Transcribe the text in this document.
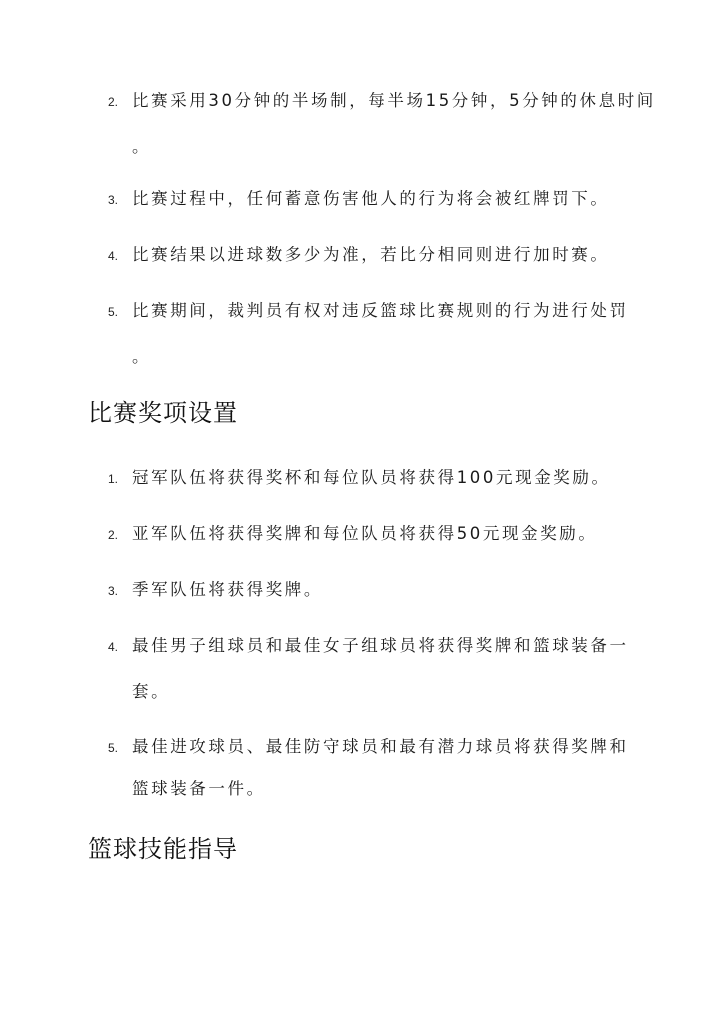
2. 比赛采用30分钟的半场制，每半场15分钟，5分钟的休息时间
。
3. 比赛过程中，任何蓄意伤害他人的行为将会被红牌罚下。
4. 比赛结果以进球数多少为准，若比分相同则进行加时赛。
5. 比赛期间，裁判员有权对违反篮球比赛规则的行为进行处罚
。
比赛奖项设置
1. 冠军队伍将获得奖杯和每位队员将获得100元现金奖励。
2. 亚军队伍将获得奖牌和每位队员将获得50元现金奖励。
3. 季军队伍将获得奖牌。
4. 最佳男子组球员和最佳女子组球员将获得奖牌和篮球装备一
套。
5. 最佳进攻球员、最佳防守球员和最有潜力球员将获得奖牌和
篮球装备一件。
篮球技能指导
